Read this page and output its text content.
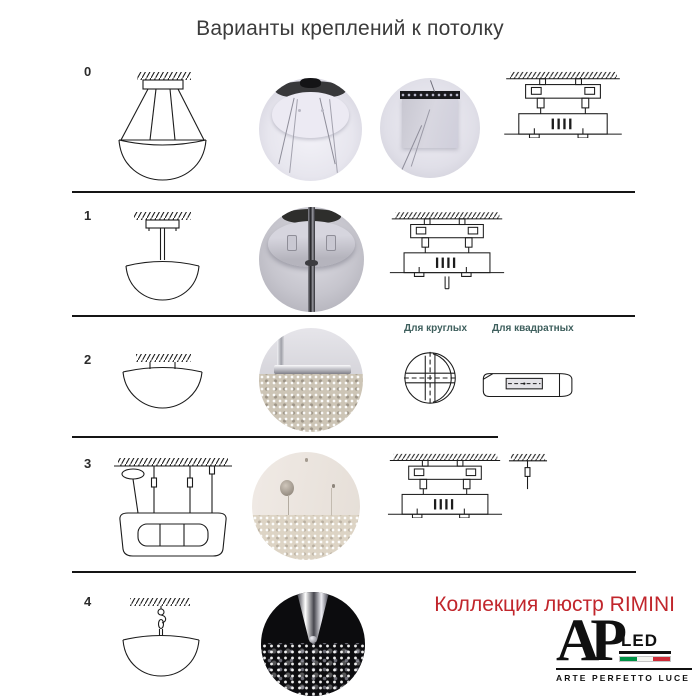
Варианты креплений к потолку
0
1
2
Для круглых Для квадратных
3
4	Коллекция люстр RIMINI
AP LED
ARTE PERFETTO LUCE
